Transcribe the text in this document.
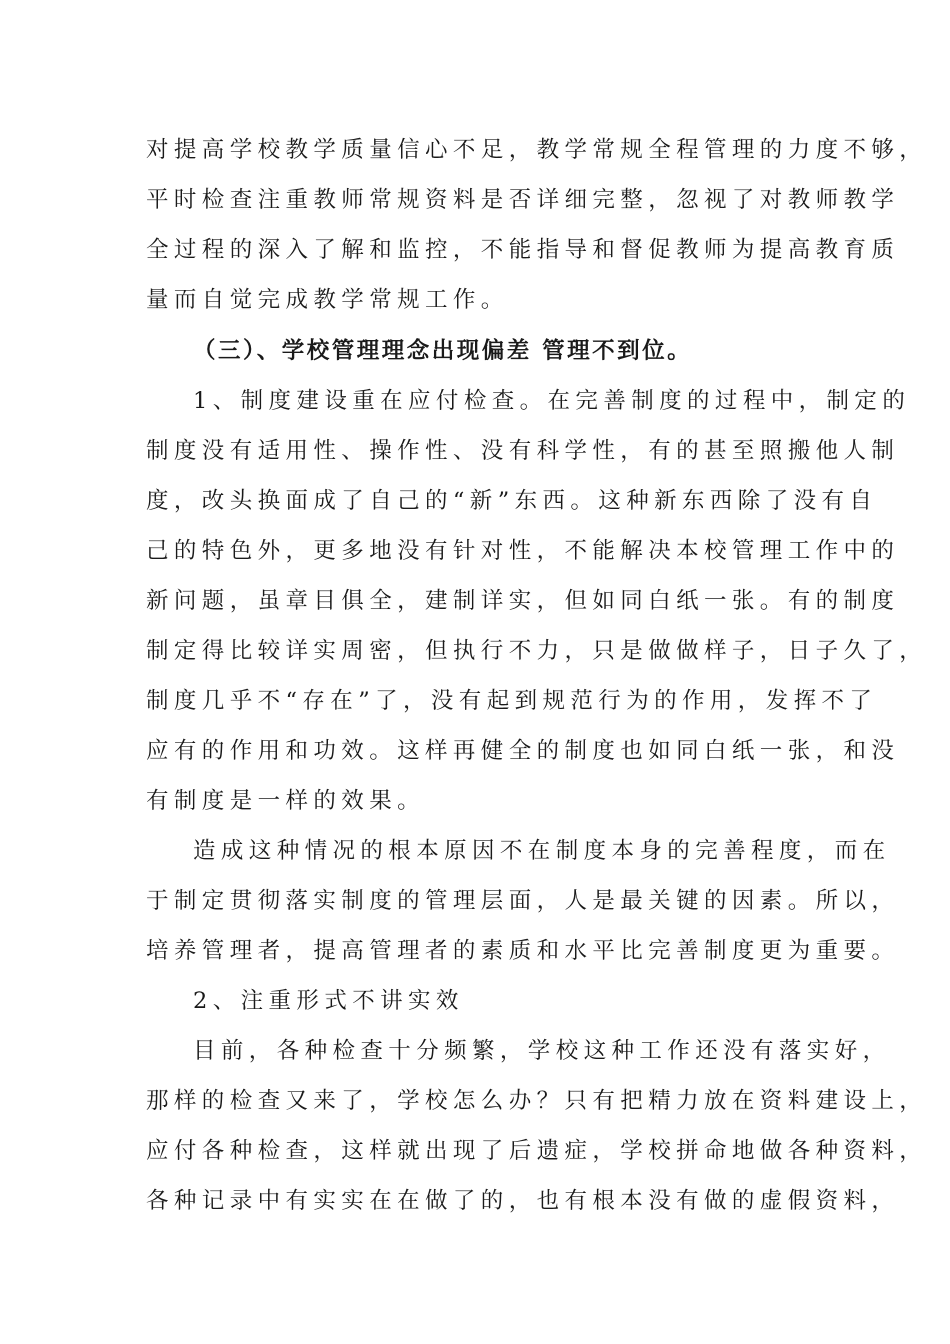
对提高学校教学质量信心不足，教学常规全程管理的力度不够，
平时检查注重教师常规资料是否详细完整，忽视了对教师教学
全过程的深入了解和监控，不能指导和督促教师为提高教育质
量而自觉完成教学常规工作。
（三）、学校管理理念出现偏差 管理不到位。
1、制度建设重在应付检查。在完善制度的过程中，制定的
制度没有适用性、操作性、没有科学性，有的甚至照搬他人制
度，改头换面成了自己的“新”东西。这种新东西除了没有自
己的特色外，更多地没有针对性，不能解决本校管理工作中的
新问题，虽章目俱全，建制详实，但如同白纸一张。有的制度
制定得比较详实周密，但执行不力，只是做做样子，日子久了，
制度几乎不“存在”了，没有起到规范行为的作用，发挥不了
应有的作用和功效。这样再健全的制度也如同白纸一张，和没
有制度是一样的效果。
造成这种情况的根本原因不在制度本身的完善程度，而在
于制定贯彻落实制度的管理层面，人是最关键的因素。所以，
培养管理者，提高管理者的素质和水平比完善制度更为重要。
2、注重形式不讲实效
目前，各种检查十分频繁，学校这种工作还没有落实好，
那样的检查又来了，学校怎么办？只有把精力放在资料建设上，
应付各种检查，这样就出现了后遗症，学校拼命地做各种资料，
各种记录中有实实在在做了的，也有根本没有做的虚假资料，
